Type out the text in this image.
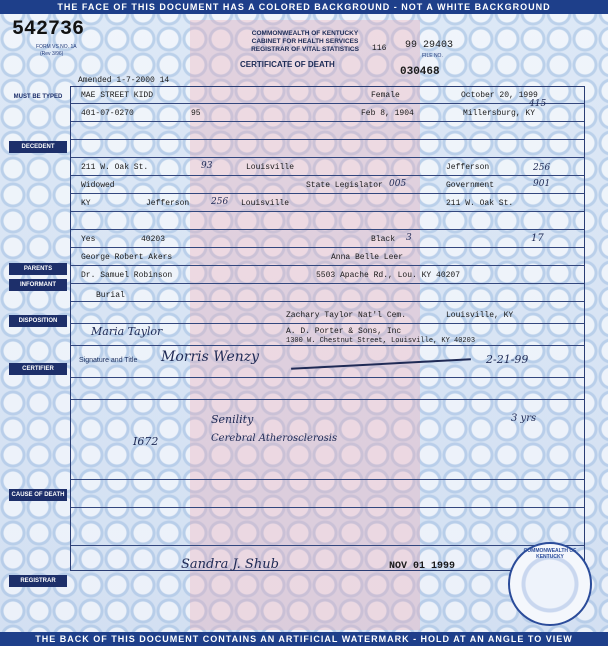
THE FACE OF THIS DOCUMENT HAS A COLORED BACKGROUND - NOT A WHITE BACKGROUND
542736
FORM VS NO. 1A
(Rev 3/96)
COMMONWEALTH OF KENTUCKY
CABINET FOR HEALTH SERVICES
REGISTRAR OF VITAL STATISTICS
CERTIFICATE OF DEATH
116 99 29403
FILE NO.
030468
Amended 1-7-2000 14
MUST BE TYPED
DECEDENT
PARENTS
INFORMANT
DISPOSITION
CERTIFIER
CAUSE OF DEATH
REGISTRAR
MAE STREET KIDD	Female	October 20, 1999
401-07-0270	95	Feb 8, 1904	Millersburg, KY
415
211 W. Oak St.	93	Louisville	Jefferson	256
Widowed	State Legislator 005	Government	901
KY	Jefferson 256 Louisville	211 W. Oak St.
Yes	40203	Black 3	17
George Robert Akers	Anna Belle Leer
Dr. Samuel Robinson	5503 Apache Rd., Lou. KY 40207
Burial
Zachary Taylor Nat'l Cem.	Louisville, KY
Maria Taylor	A. D. Porter & Sons, Inc
1300 W. Chestnut Street, Louisville, KY 40203
Signature and Title Morris Wenzy	2-21-99
Senility	3 yrs
I672	Cerebral Atherosclerosis
Sandra J. Shub	NOV 01 1999
COMMONWEALTH OF KENTUCKY
THE BACK OF THIS DOCUMENT CONTAINS AN ARTIFICIAL WATERMARK - HOLD AT AN ANGLE TO VIEW
